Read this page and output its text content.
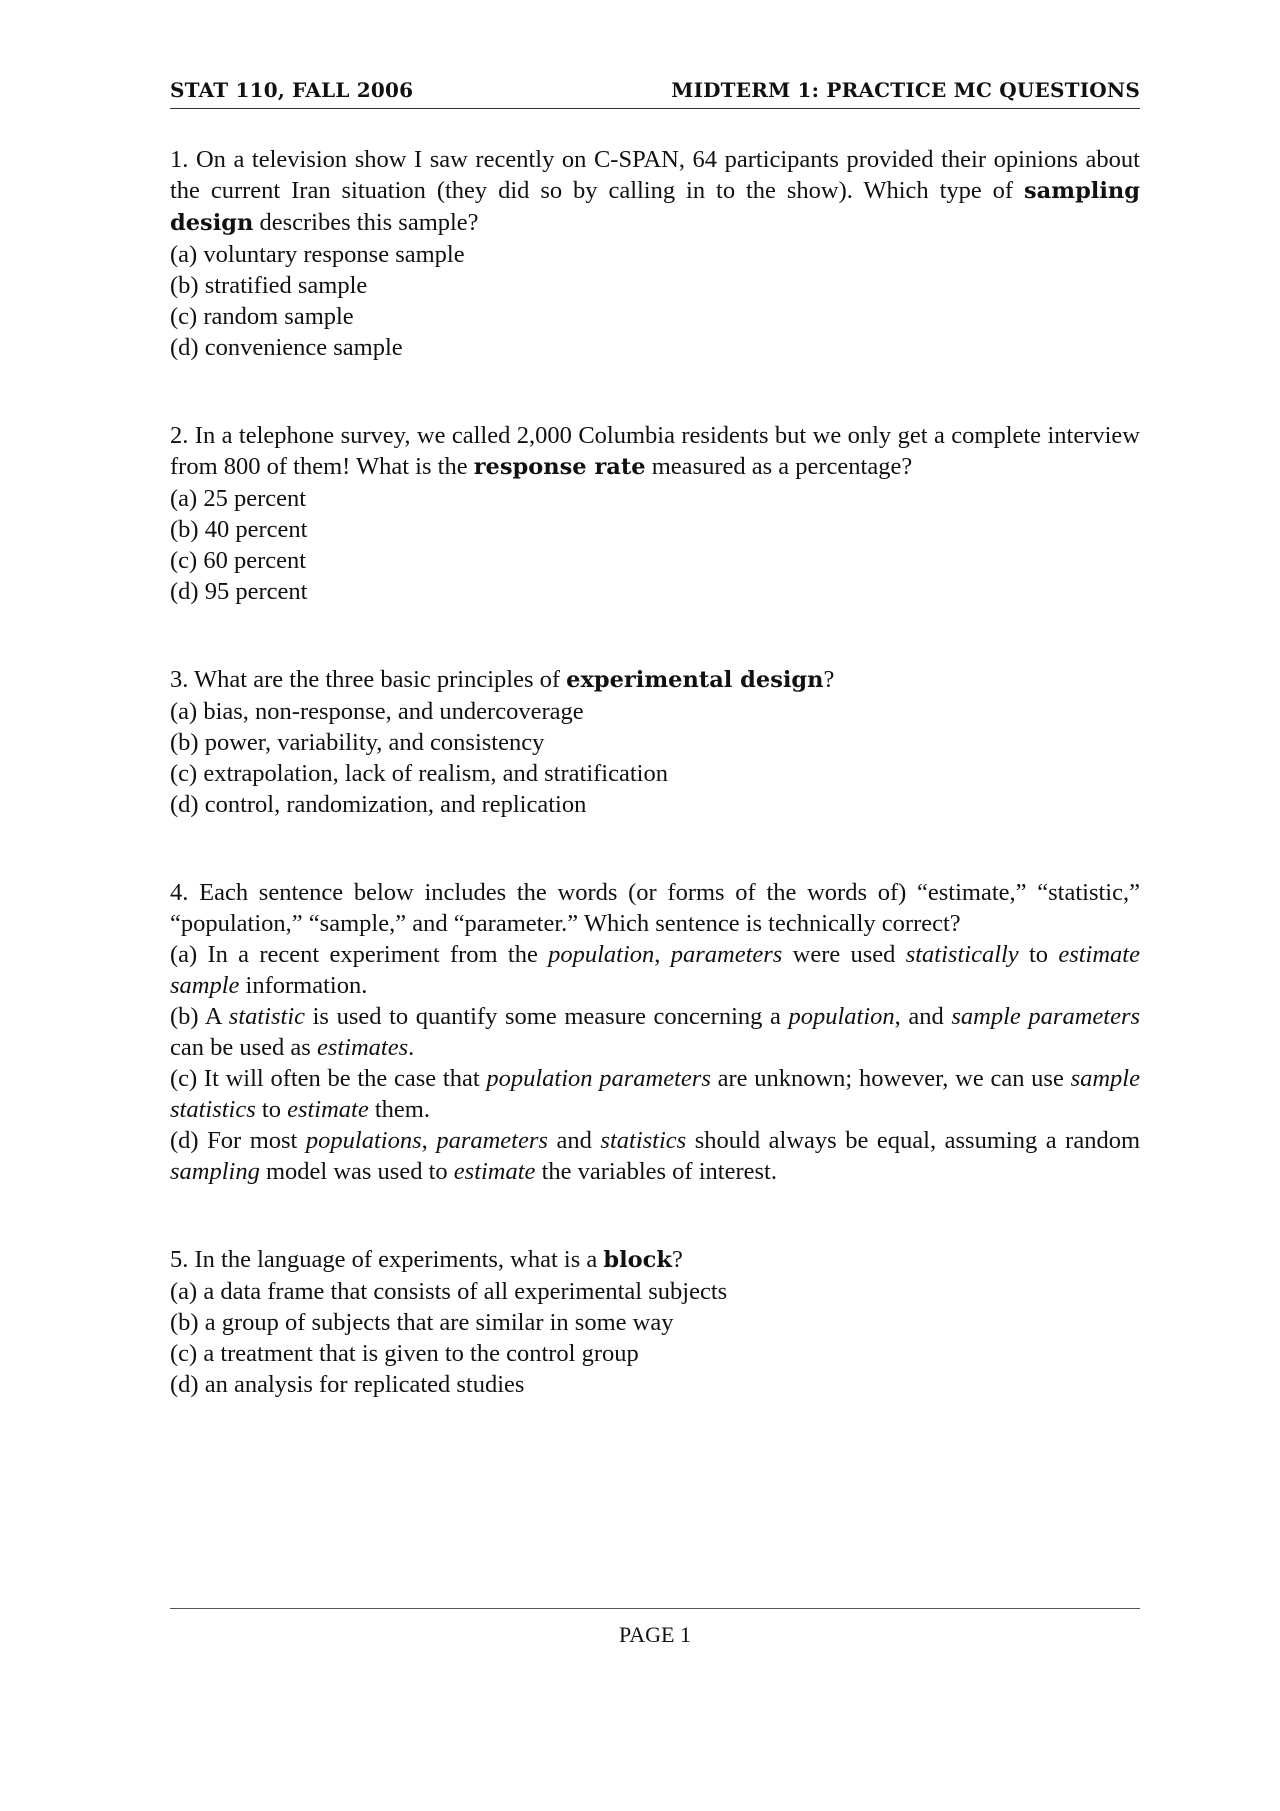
STAT 110, FALL 2006	MIDTERM 1: PRACTICE MC QUESTIONS
1. On a television show I saw recently on C-SPAN, 64 participants provided their opinions about the current Iran situation (they did so by calling in to the show). Which type of sampling design describes this sample?
(a) voluntary response sample
(b) stratified sample
(c) random sample
(d) convenience sample
2. In a telephone survey, we called 2,000 Columbia residents but we only get a complete interview from 800 of them! What is the response rate measured as a percentage?
(a) 25 percent
(b) 40 percent
(c) 60 percent
(d) 95 percent
3. What are the three basic principles of experimental design?
(a) bias, non-response, and undercoverage
(b) power, variability, and consistency
(c) extrapolation, lack of realism, and stratification
(d) control, randomization, and replication
4. Each sentence below includes the words (or forms of the words of) “estimate,” “statistic,” “population,” “sample,” and “parameter.” Which sentence is technically correct?
(a) In a recent experiment from the population, parameters were used statistically to estimate sample information.
(b) A statistic is used to quantify some measure concerning a population, and sample parameters can be used as estimates.
(c) It will often be the case that population parameters are unknown; however, we can use sample statistics to estimate them.
(d) For most populations, parameters and statistics should always be equal, assuming a random sampling model was used to estimate the variables of interest.
5. In the language of experiments, what is a block?
(a) a data frame that consists of all experimental subjects
(b) a group of subjects that are similar in some way
(c) a treatment that is given to the control group
(d) an analysis for replicated studies
PAGE 1
